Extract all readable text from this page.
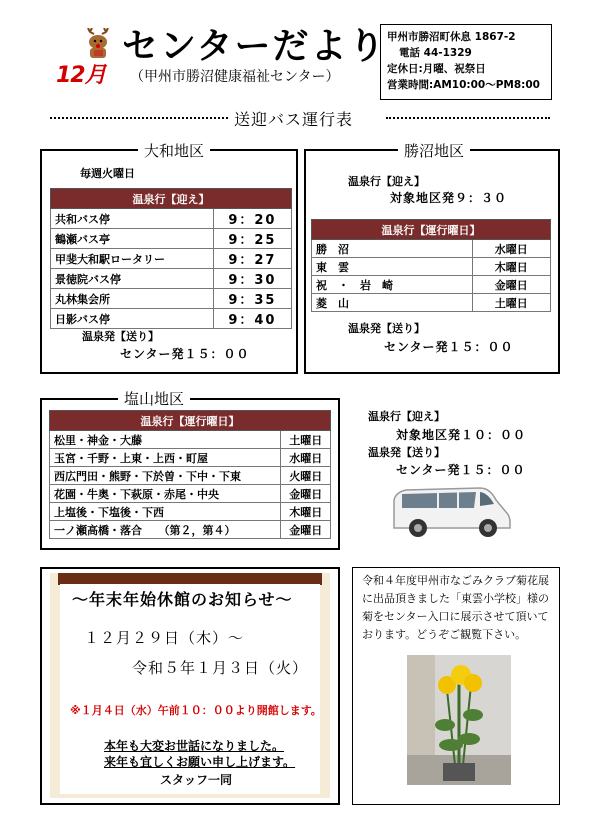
12月
センターだより
（甲州市勝沼健康福祉センター）
甲州市勝沼町休息 1867-2
電話 44-1329
定休日:月曜、祝祭日
営業時間:AM10:00～PM8:00
送迎バス運行表
大和地区
毎週火曜日
温泉行【迎え】	
共和バス停	9：20
鶴瀬バス亭	9：25
甲斐大和駅ロータリー	9：27
景徳院バス停	9：30
丸林集会所	9：35
日影バス停	9：40
温泉発【送り】
センター発１５：００
勝沼地区
温泉行【迎え】
対象地区発９：３０
温泉行【運行曜日】	
勝　沼	水曜日
東　雲	木曜日
祝　・　岩　崎	金曜日
菱　山	土曜日
温泉発【送り】
センター発１５：００
塩山地区
温泉行【運行曜日】	
松里・神金・大藤	土曜日
玉宮・千野・上東・上西・町屋	水曜日
西広門田・熊野・下於曽・下中・下東	火曜日
花園・牛奥・下萩原・赤尾・中央	金曜日
上塩後・下塩後・下西	木曜日
一ノ瀬高橋・落合　　（第２，第４）	金曜日
温泉行【迎え】
対象地区発１０：００
温泉発【送り】
センター発１５：００
～年末年始休館のお知らせ～
１２月２９日（木）～
令和５年１月３日（火）
※１月４日（水）午前１０：００より開館します。
本年も大変お世話になりました。
来年も宜しくお願い申し上げます。
スタッフ一同
令和４年度甲州市なごみクラブ菊花展に出品頂きました「東雲小学校」様の菊をセンター入口に展示させて頂いております。どうぞご観覧下さい。
